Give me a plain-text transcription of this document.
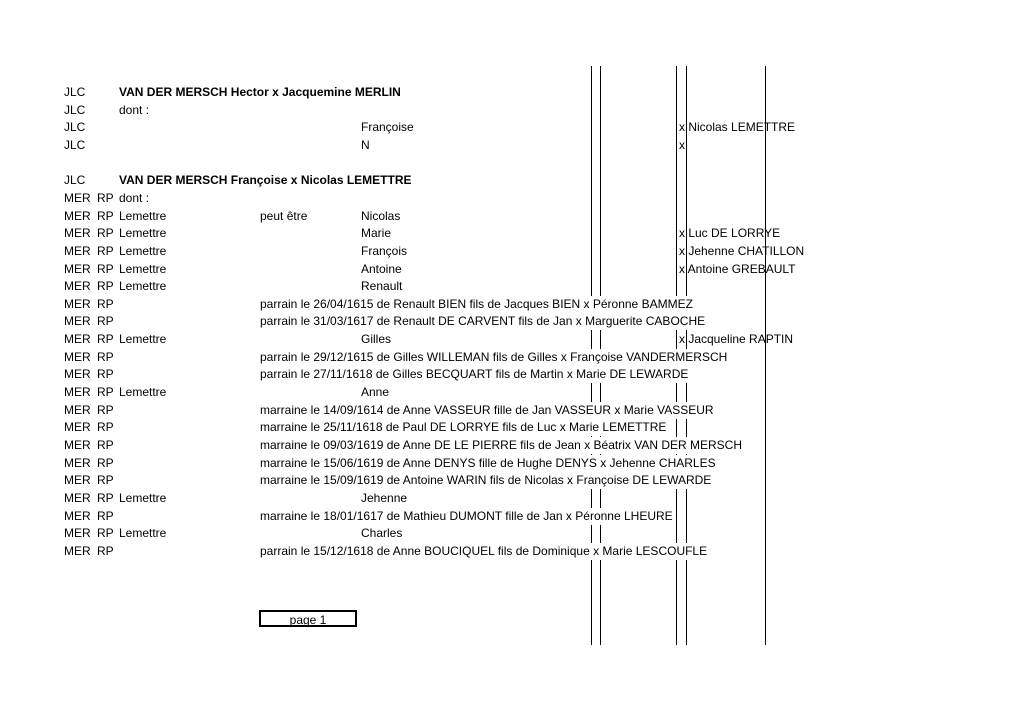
JLC	VAN DER MERSCH Hector x Jacquemine MERLIN
JLC	dont :
JLC	Françoise	x Nicolas LEMETTRE
JLC	N	x
JLC	VAN DER MERSCH Françoise x Nicolas LEMETTRE
MER RP dont :
MER RP Lemettre	peut être	Nicolas
MER RP Lemettre	Marie	x Luc DE LORRYE
MER RP Lemettre	François	x Jehenne CHATILLON
MER RP Lemettre	Antoine	x Antoine GREBAULT
MER RP Lemettre	Renault
MER RP	parrain le 26/04/1615 de Renault BIEN fils de Jacques BIEN x Péronne BAMMEZ
MER RP	parrain le 31/03/1617 de Renault DE CARVENT fils de Jan x Marguerite CABOCHE
MER RP Lemettre	Gilles	x Jacqueline RAPTIN
MER RP	parrain le 29/12/1615 de Gilles WILLEMAN fils de Gilles x Françoise VANDERMERSCH
MER RP	parrain le 27/11/1618 de Gilles BECQUART fils de Martin x Marie DE LEWARDE
MER RP Lemettre	Anne
MER RP	marraine le 14/09/1614 de Anne VASSEUR fille de Jan VASSEUR x Marie VASSEUR
MER RP	marraine le 25/11/1618 de Paul DE LORRYE fils de Luc x Marie LEMETTRE
MER RP	marraine le 09/03/1619 de Anne DE LE PIERRE fils de Jean x Béatrix VAN DER MERSCH
MER RP	marraine le 15/06/1619 de Anne DENYS fille de Hughe DENYS x Jehenne CHARLES
MER RP	marraine le 15/09/1619 de Antoine WARIN fils de Nicolas x Françoise DE LEWARDE
MER RP Lemettre	Jehenne
MER RP	marraine le 18/01/1617 de Mathieu DUMONT fille de Jan x Péronne LHEURE
MER RP Lemettre	Charles
MER RP	parrain le 15/12/1618 de Anne BOUCIQUEL fils de Dominique x Marie LESCOUFLE
page 1
